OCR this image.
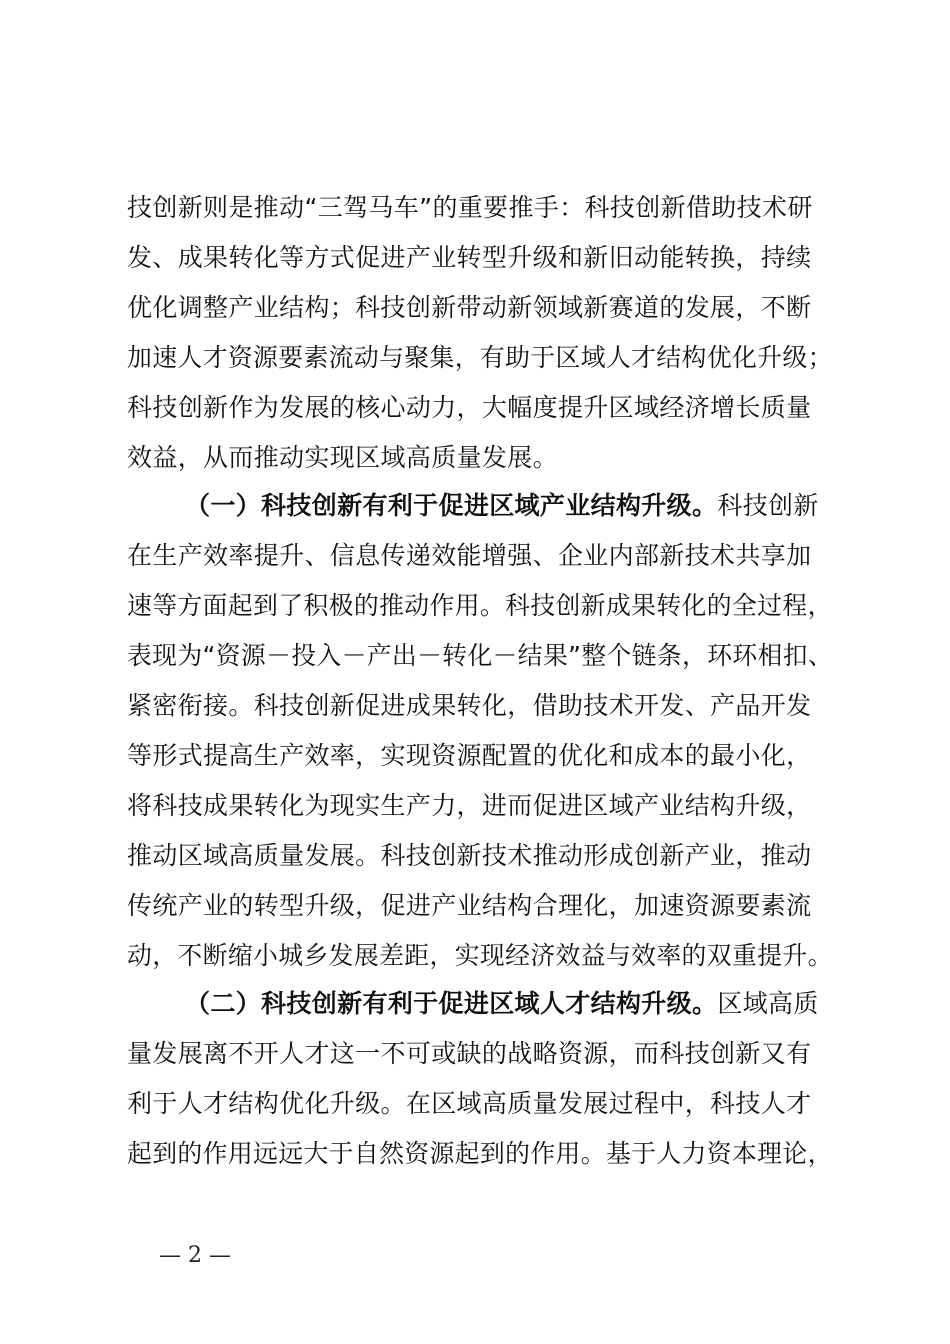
技创新则是推动“三驾马车”的重要推手：科技创新借助技术研
发、成果转化等方式促进产业转型升级和新旧动能转换，持续
优化调整产业结构；科技创新带动新领域新赛道的发展，不断
加速人才资源要素流动与聚集，有助于区域人才结构优化升级；
科技创新作为发展的核心动力，大幅度提升区域经济增长质量
效益，从而推动实现区域高质量发展。
（一）科技创新有利于促进区域产业结构升级。科技创新
在生产效率提升、信息传递效能增强、企业内部新技术共享加
速等方面起到了积极的推动作用。科技创新成果转化的全过程，
表现为“资源－投入－产出－转化－结果”整个链条，环环相扣、
紧密衔接。科技创新促进成果转化，借助技术开发、产品开发
等形式提高生产效率，实现资源配置的优化和成本的最小化，
将科技成果转化为现实生产力，进而促进区域产业结构升级，
推动区域高质量发展。科技创新技术推动形成创新产业，推动
传统产业的转型升级，促进产业结构合理化，加速资源要素流
动，不断缩小城乡发展差距，实现经济效益与效率的双重提升。
（二）科技创新有利于促进区域人才结构升级。区域高质
量发展离不开人才这一不可或缺的战略资源，而科技创新又有
利于人才结构优化升级。在区域高质量发展过程中，科技人才
起到的作用远远大于自然资源起到的作用。基于人力资本理论，
— 2 —
